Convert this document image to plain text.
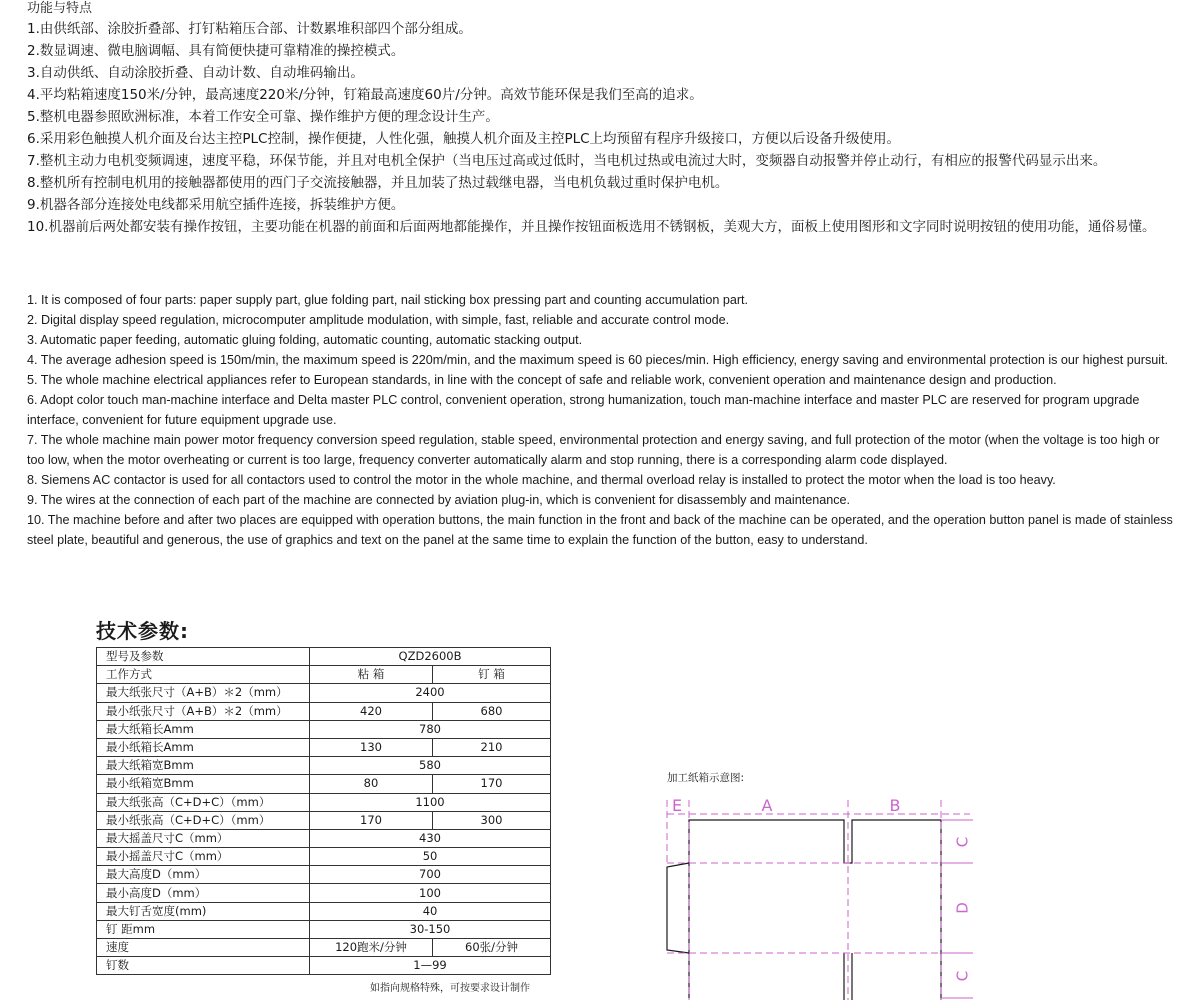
功能与特点

1.由供纸部、涂胶折叠部、打钉粘箱压合部、计数累堆积部四个部分组成。

2.数显调速、微电脑调幅、具有简便快捷可靠精准的操控模式。

3.自动供纸、自动涂胶折叠、自动计数、自动堆码输出。

4.平均粘箱速度150米/分钟，最高速度220米/分钟，钉箱最高速度60片/分钟。高效节能环保是我们至高的追求。

5.整机电器参照欧洲标准，本着工作安全可靠、操作维护方便的理念设计生产。

6.采用彩色触摸人机介面及台达主控PLC控制，操作便捷，人性化强，触摸人机介面及主控PLC上均预留有程序升级接口，方便以后设备升级使用。

7.整机主动力电机变频调速，速度平稳，环保节能，并且对电机全保护（当电压过高或过低时，当电机过热或电流过大时，变频器自动报警并停止动行，有相应的报警代码显示出来。

8.整机所有控制电机用的接触器都使用的西门子交流接触器，并且加装了热过载继电器，当电机负载过重时保护电机。

9.机器各部分连接处电线都采用航空插件连接，拆装维护方便。

10.机器前后两处都安装有操作按钮，主要功能在机器的前面和后面两地都能操作，并且操作按钮面板选用不锈钢板，美观大方，面板上使用图形和文字同时说明按钮的使用功能，通俗易懂。

1. It is composed of four parts: paper supply part, glue folding part, nail sticking box pressing part and counting accumulation part.

2. Digital display speed regulation, microcomputer amplitude modulation, with simple, fast, reliable and accurate control mode.

3. Automatic paper feeding, automatic gluing folding, automatic counting, automatic stacking output.

4. The average adhesion speed is 150m/min, the maximum speed is 220m/min, and the maximum speed is 60 pieces/min. High efficiency, energy saving and environmental protection is our highest pursuit.

5. The whole machine electrical appliances refer to European standards, in line with the concept of safe and reliable work, convenient operation and maintenance design and production.

6. Adopt color touch man-machine interface and Delta master PLC control, convenient operation, strong humanization, touch man-machine interface and master PLC are reserved for program upgrade interface, convenient for future equipment upgrade use.

7. The whole machine main power motor frequency conversion speed regulation, stable speed, environmental protection and energy saving, and full protection of the motor (when the voltage is too high or too low, when the motor overheating or current is too large, frequency converter automatically alarm and stop running, there is a corresponding alarm code displayed.

8. Siemens AC contactor is used for all contactors used to control the motor in the whole machine, and thermal overload relay is installed to protect the motor when the load is too heavy.

9. The wires at the connection of each part of the machine are connected by aviation plug-in, which is convenient for disassembly and maintenance.

10. The machine before and after two places are equipped with operation buttons, the main function in the front and back of the machine can be operated, and the operation button panel is made of stainless steel plate, beautiful and generous, the use of graphics and text on the panel at the same time to explain the function of the button, easy to understand.

技术参数:
型号及参数	QZD2600B	
工作方式	粘 箱	钉 箱
最大纸张尺寸（A+B）＊2（mm）	2400	
最小纸张尺寸（A+B）＊2（mm）	420	680
最大纸箱长Amm	780	
最小纸箱长Amm	130	210
最大纸箱宽Bmm	580	
最小纸箱宽Bmm	80	170
最大纸张高（C+D+C）（mm）	1100	
最小纸张高（C+D+C）（mm）	170	300
最大摇盖尺寸C（mm）	430	
最小摇盖尺寸C（mm）	50	
最大高度D（mm）	700	
最小高度D（mm）	100	
最大钉舌宽度(mm)	40	
钉 距mm	30-150	
速度	120跑米/分钟	60张/分钟
钉数	1—99	

如指向规格特殊，可按要求设计制作

加工纸箱示意图:

E	A	B
C
D
C
